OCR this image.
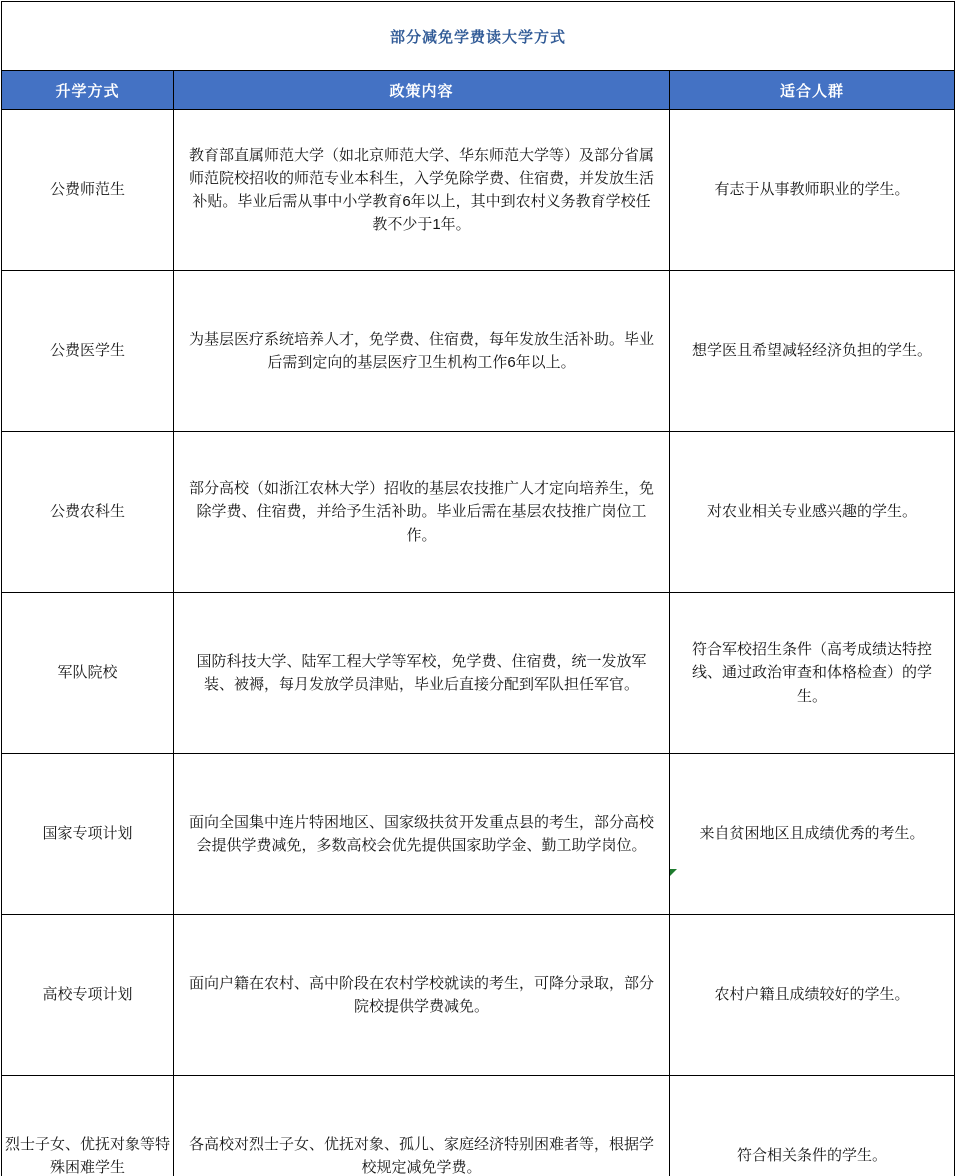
部分减免学费读大学方式		
升学方式	政策内容	适合人群
公费师范生	教育部直属师范大学（如北京师范大学、华东师范大学等）及部分省属师范院校招收的师范专业本科生，入学免除学费、住宿费，并发放生活补贴。毕业后需从事中小学教育6年以上，其中到农村义务教育学校任教不少于1年。	有志于从事教师职业的学生。
公费医学生	为基层医疗系统培养人才，免学费、住宿费，每年发放生活补助。毕业后需到定向的基层医疗卫生机构工作6年以上。	想学医且希望减轻经济负担的学生。
公费农科生	部分高校（如浙江农林大学）招收的基层农技推广人才定向培养生，免除学费、住宿费，并给予生活补助。毕业后需在基层农技推广岗位工作。	对农业相关专业感兴趣的学生。
军队院校	国防科技大学、陆军工程大学等军校，免学费、住宿费，统一发放军装、被褥，每月发放学员津贴，毕业后直接分配到军队担任军官。	符合军校招生条件（高考成绩达特控线、通过政治审查和体格检查）的学生。
国家专项计划	面向全国集中连片特困地区、国家级扶贫开发重点县的考生，部分高校会提供学费减免，多数高校会优先提供国家助学金、勤工助学岗位。	来自贫困地区且成绩优秀的考生。
高校专项计划	面向户籍在农村、高中阶段在农村学校就读的考生，可降分录取，部分院校提供学费减免。	农村户籍且成绩较好的学生。
烈士子女、优抚对象等特殊困难学生	各高校对烈士子女、优抚对象、孤儿、家庭经济特别困难者等，根据学校规定减免学费。	符合相关条件的学生。
